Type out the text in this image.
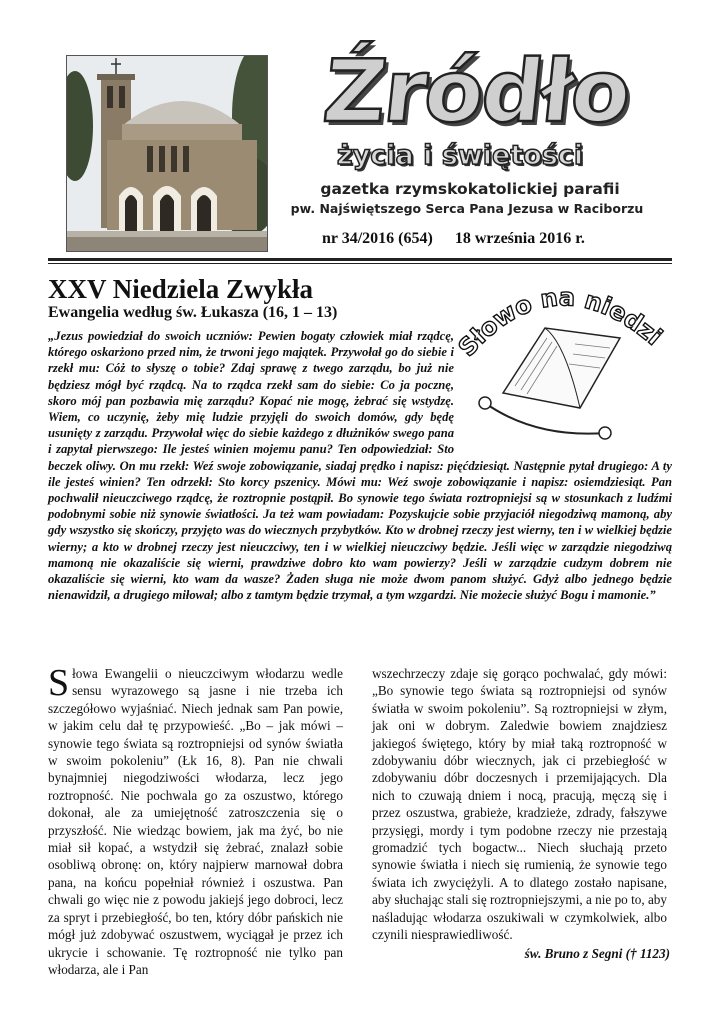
Źródło
życia i świętości
gazetka rzymskokatolickiej parafii
pw. Najświętszego Serca Pana Jezusa w Raciborzu
nr 34/2016 (654) 18 września 2016 r.
XXV Niedziela Zwykła
Ewangelia według św. Łukasza (16, 1 – 13)
Słowo na niedzi

„Jezus powiedział do swoich uczniów: Pewien bogaty człowiek miał rządcę, którego oskarżono przed nim, że trwoni jego majątek. Przywołał go do siebie i rzekł mu: Cóż to słyszę o tobie? Zdaj sprawę z twego zarządu, bo już nie będziesz mógł być rządcą. Na to rządca rzekł sam do siebie: Co ja pocznę, skoro mój pan pozbawia mię zarządu? Kopać nie mogę, żebrać się wstydzę. Wiem, co uczynię, żeby mię ludzie przyjęli do swoich domów, gdy będę usunięty z zarządu. Przywołał więc do siebie każdego z dłużników swego pana i zapytał pierwszego: Ile jesteś winien mojemu panu? Ten odpowiedział: Sto beczek oliwy. On mu rzekł: Weź swoje zobowiązanie, siadaj prędko i napisz: pięćdziesiąt. Następnie pytał drugiego: A ty ile jesteś winien? Ten odrzekł: Sto korcy pszenicy. Mówi mu: Weź swoje zobowiązanie i napisz: osiemdziesiąt. Pan pochwalił nieuczciwego rządcę, że roztropnie postąpił. Bo synowie tego świata roztropniejsi są w stosunkach z ludźmi podobnymi sobie niż synowie światłości. Ja też wam powiadam: Pozyskujcie sobie przyjaciół niegodziwą mamoną, aby gdy wszystko się skończy, przyjęto was do wiecznych przybytków. Kto w drobnej rzeczy jest wierny, ten i w wielkiej będzie wierny; a kto w drobnej rzeczy jest nieuczciwy, ten i w wielkiej nieuczciwy będzie. Jeśli więc w zarządzie niegodziwą mamoną nie okazaliście się wierni, prawdziwe dobro kto wam powierzy? Jeśli w zarządzie cudzym dobrem nie okazaliście się wierni, kto wam da wasze? Żaden sługa nie może dwom panom służyć. Gdyż albo jednego będzie nienawidził, a drugiego miłował; albo z tamtym będzie trzymał, a tym wzgardzi. Nie możecie służyć Bogu i mamonie.”

Słowa Ewangelii o nieuczciwym włodarzu wedle sensu wyrazowego są jasne i nie trzeba ich szczegółowo wyjaśniać. Niech jednak sam Pan powie, w jakim celu dał tę przypowieść. „Bo – jak mówi – synowie tego świata są roztropniejsi od synów światła w swoim pokoleniu” (Łk 16, 8). Pan nie chwali bynajmniej niegodziwości włodarza, lecz jego roztropność. Nie pochwala go za oszustwo, którego dokonał, ale za umiejętność zatroszczenia się o przyszłość. Nie wiedząc bowiem, jak ma żyć, bo nie miał sił kopać, a wstydził się żebrać, znalazł sobie osobliwą obronę: on, który najpierw marnował dobra pana, na końcu popełniał również i oszustwa. Pan chwali go więc nie z powodu jakiejś jego dobroci, lecz za spryt i przebiegłość, bo ten, który dóbr pańskich nie mógł już zdobywać oszustwem, wyciągał je przez ich ukrycie i schowanie. Tę roztropność nie tylko pan włodarza, ale i Pan

wszechrzeczy zdaje się gorąco pochwalać, gdy mówi: „Bo synowie tego świata są roztropniejsi od synów światła w swoim pokoleniu”. Są roztropniejsi w złym, jak oni w dobrym. Zaledwie bowiem znajdziesz jakiegoś świętego, który by miał taką roztropność w zdobywaniu dóbr wiecznych, jak ci przebiegłość w zdobywaniu dóbr doczesnych i przemijających. Dla nich to czuwają dniem i nocą, pracują, męczą się i przez oszustwa, grabieże, kradzieże, zdrady, fałszywe przysięgi, mordy i tym podobne rzeczy nie przestają gromadzić tych bogactw... Niech słuchają przeto synowie światła i niech się rumienią, że synowie tego świata ich zwyciężyli. A to dlatego zostało napisane, aby słuchając stali się roztropniejszymi, a nie po to, aby naśladując włodarza oszukiwali w czymkolwiek, albo czynili niesprawiedliwość.

św. Bruno z Segni († 1123)
